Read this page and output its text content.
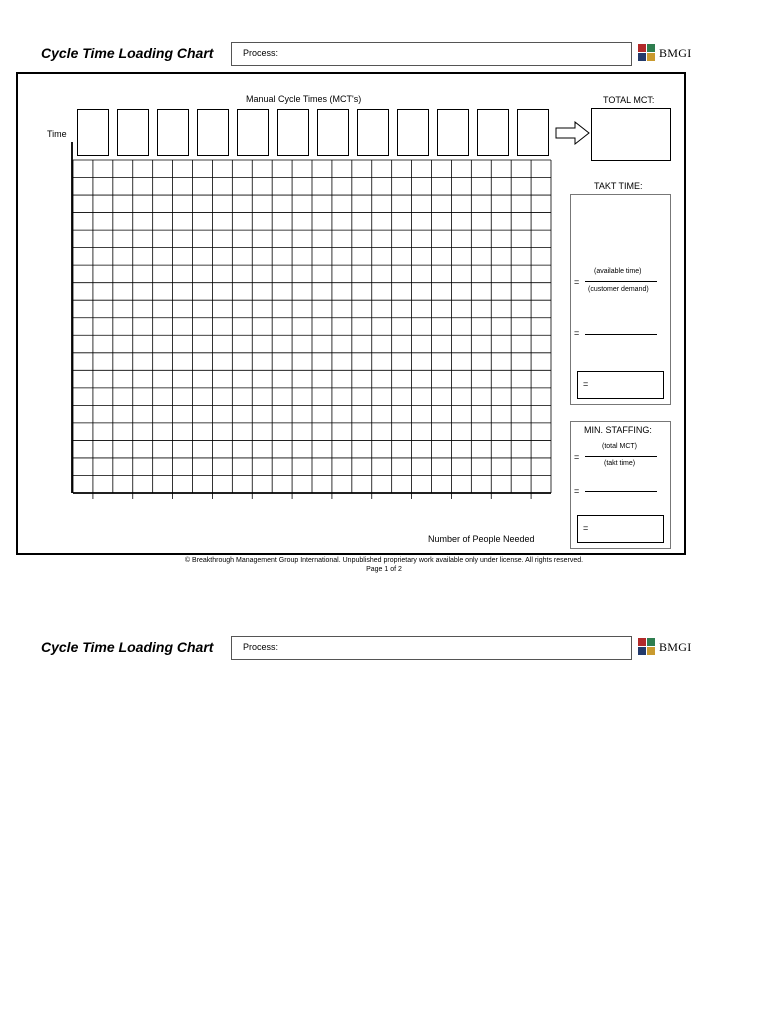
Cycle Time Loading Chart	Process:	BMGI
Manual Cycle Times (MCT's)
Time
TOTAL MCT:
Number of People Needed
TAKT TIME:
=
(available time)
(customer demand)
=
=
MIN. STAFFING:
=
(total MCT)
(takt time)
=
=
© Breakthrough Management Group International. Unpublished proprietary work available only under license. All rights reserved.
Page 1 of 2
Cycle Time Loading Chart	Process:	BMGI
